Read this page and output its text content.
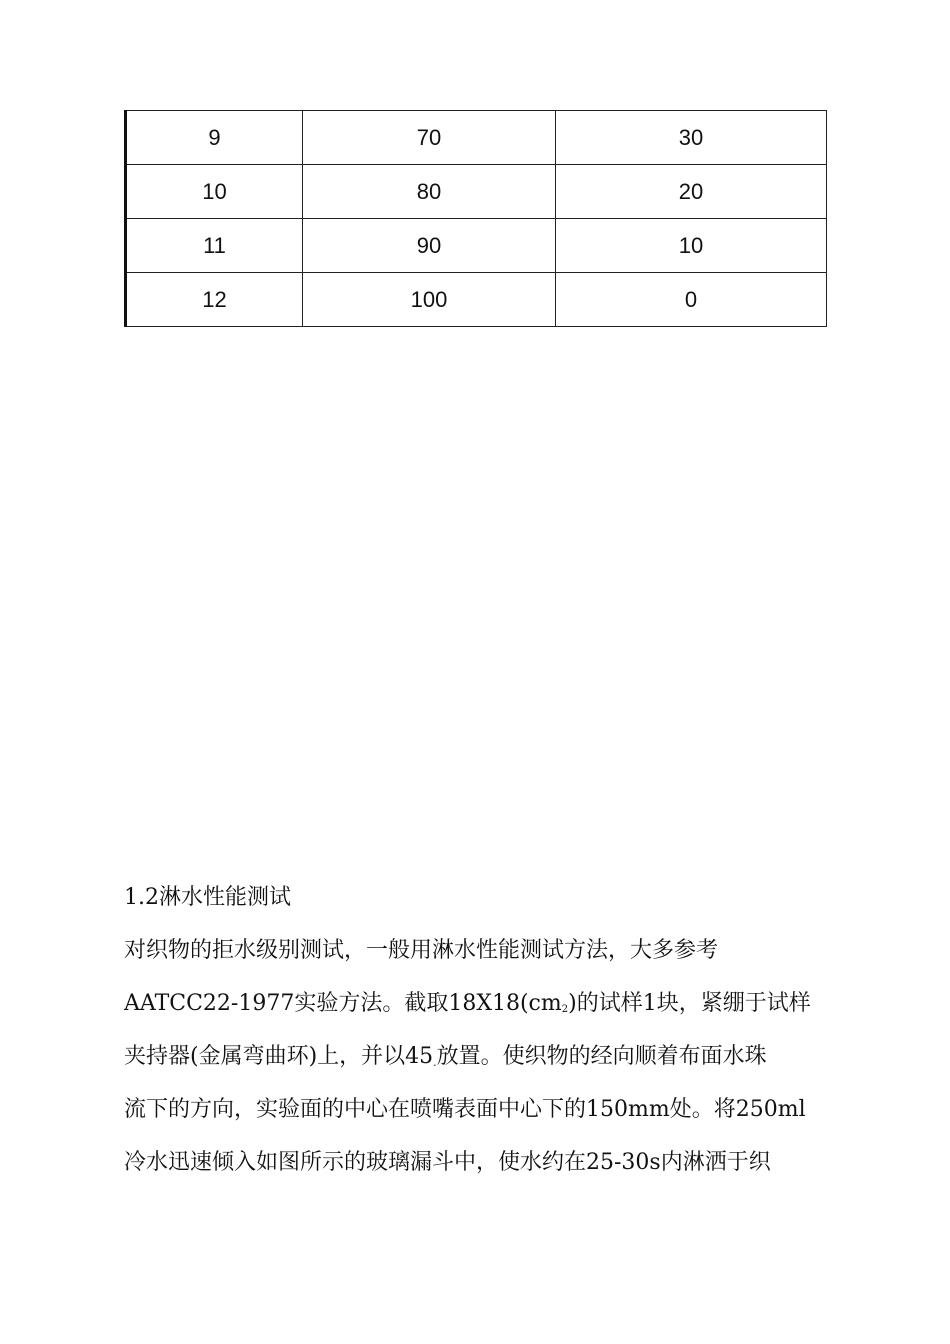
9	70	30
10	80	20
11	90	10
12	100	0
1.2淋水性能测试
对织物的拒水级别测试，一般用淋水性能测试方法，大多参考
AATCC22-1977实验方法。截取$18X18(cm_2)$的试样1块，紧绷于试样
夹持器(金属弯曲环)上，并以45.放置。使织物的经向顺着布面水珠
流下的方向，实验面的中心在喷嘴表面中心下的150mm处。将250ml
冷水迅速倾入如图所示的玻璃漏斗中，使水约在25-30s内淋洒于织
